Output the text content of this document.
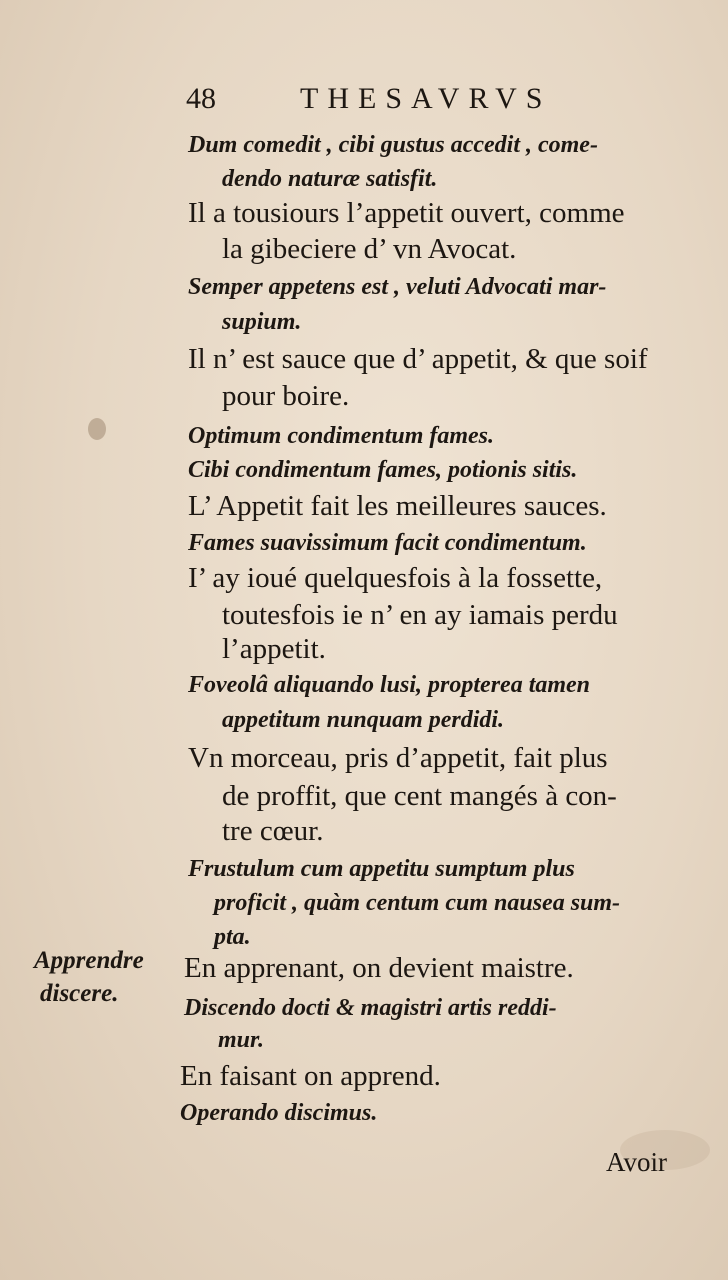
48	THESAVRVS
Dum comedit , cibi gustus accedit , come-
dendo naturæ satisfit.
Il a tousiours l’appetit ouvert, comme
la gibeciere d’ vn Avocat.
Semper appetens est , veluti Advocati mar-
supium.
Il n’ est sauce que d’ appetit, & que soif
pour boire.
Optimum condimentum fames.
Cibi condimentum fames, potionis sitis.
L’ Appetit fait les meilleures sauces.
Fames suavissimum facit condimentum.
I’ ay ioué quelquesfois à la fossette,
toutesfois ie n’ en ay iamais perdu
l’appetit.
Foveolâ aliquando lusi, propterea tamen
appetitum nunquam perdidi.
Vn morceau, pris d’appetit, fait plus
de proffit, que cent mangés à con-
tre cœur.
Frustulum cum appetitu sumptum plus
proficit , quàm centum cum nausea sum-
pta.
Apprendre
discere.
En apprenant, on devient maistre.
Discendo docti & magistri artis reddi-
mur.
En faisant on apprend.
Operando discimus.
Avoir
